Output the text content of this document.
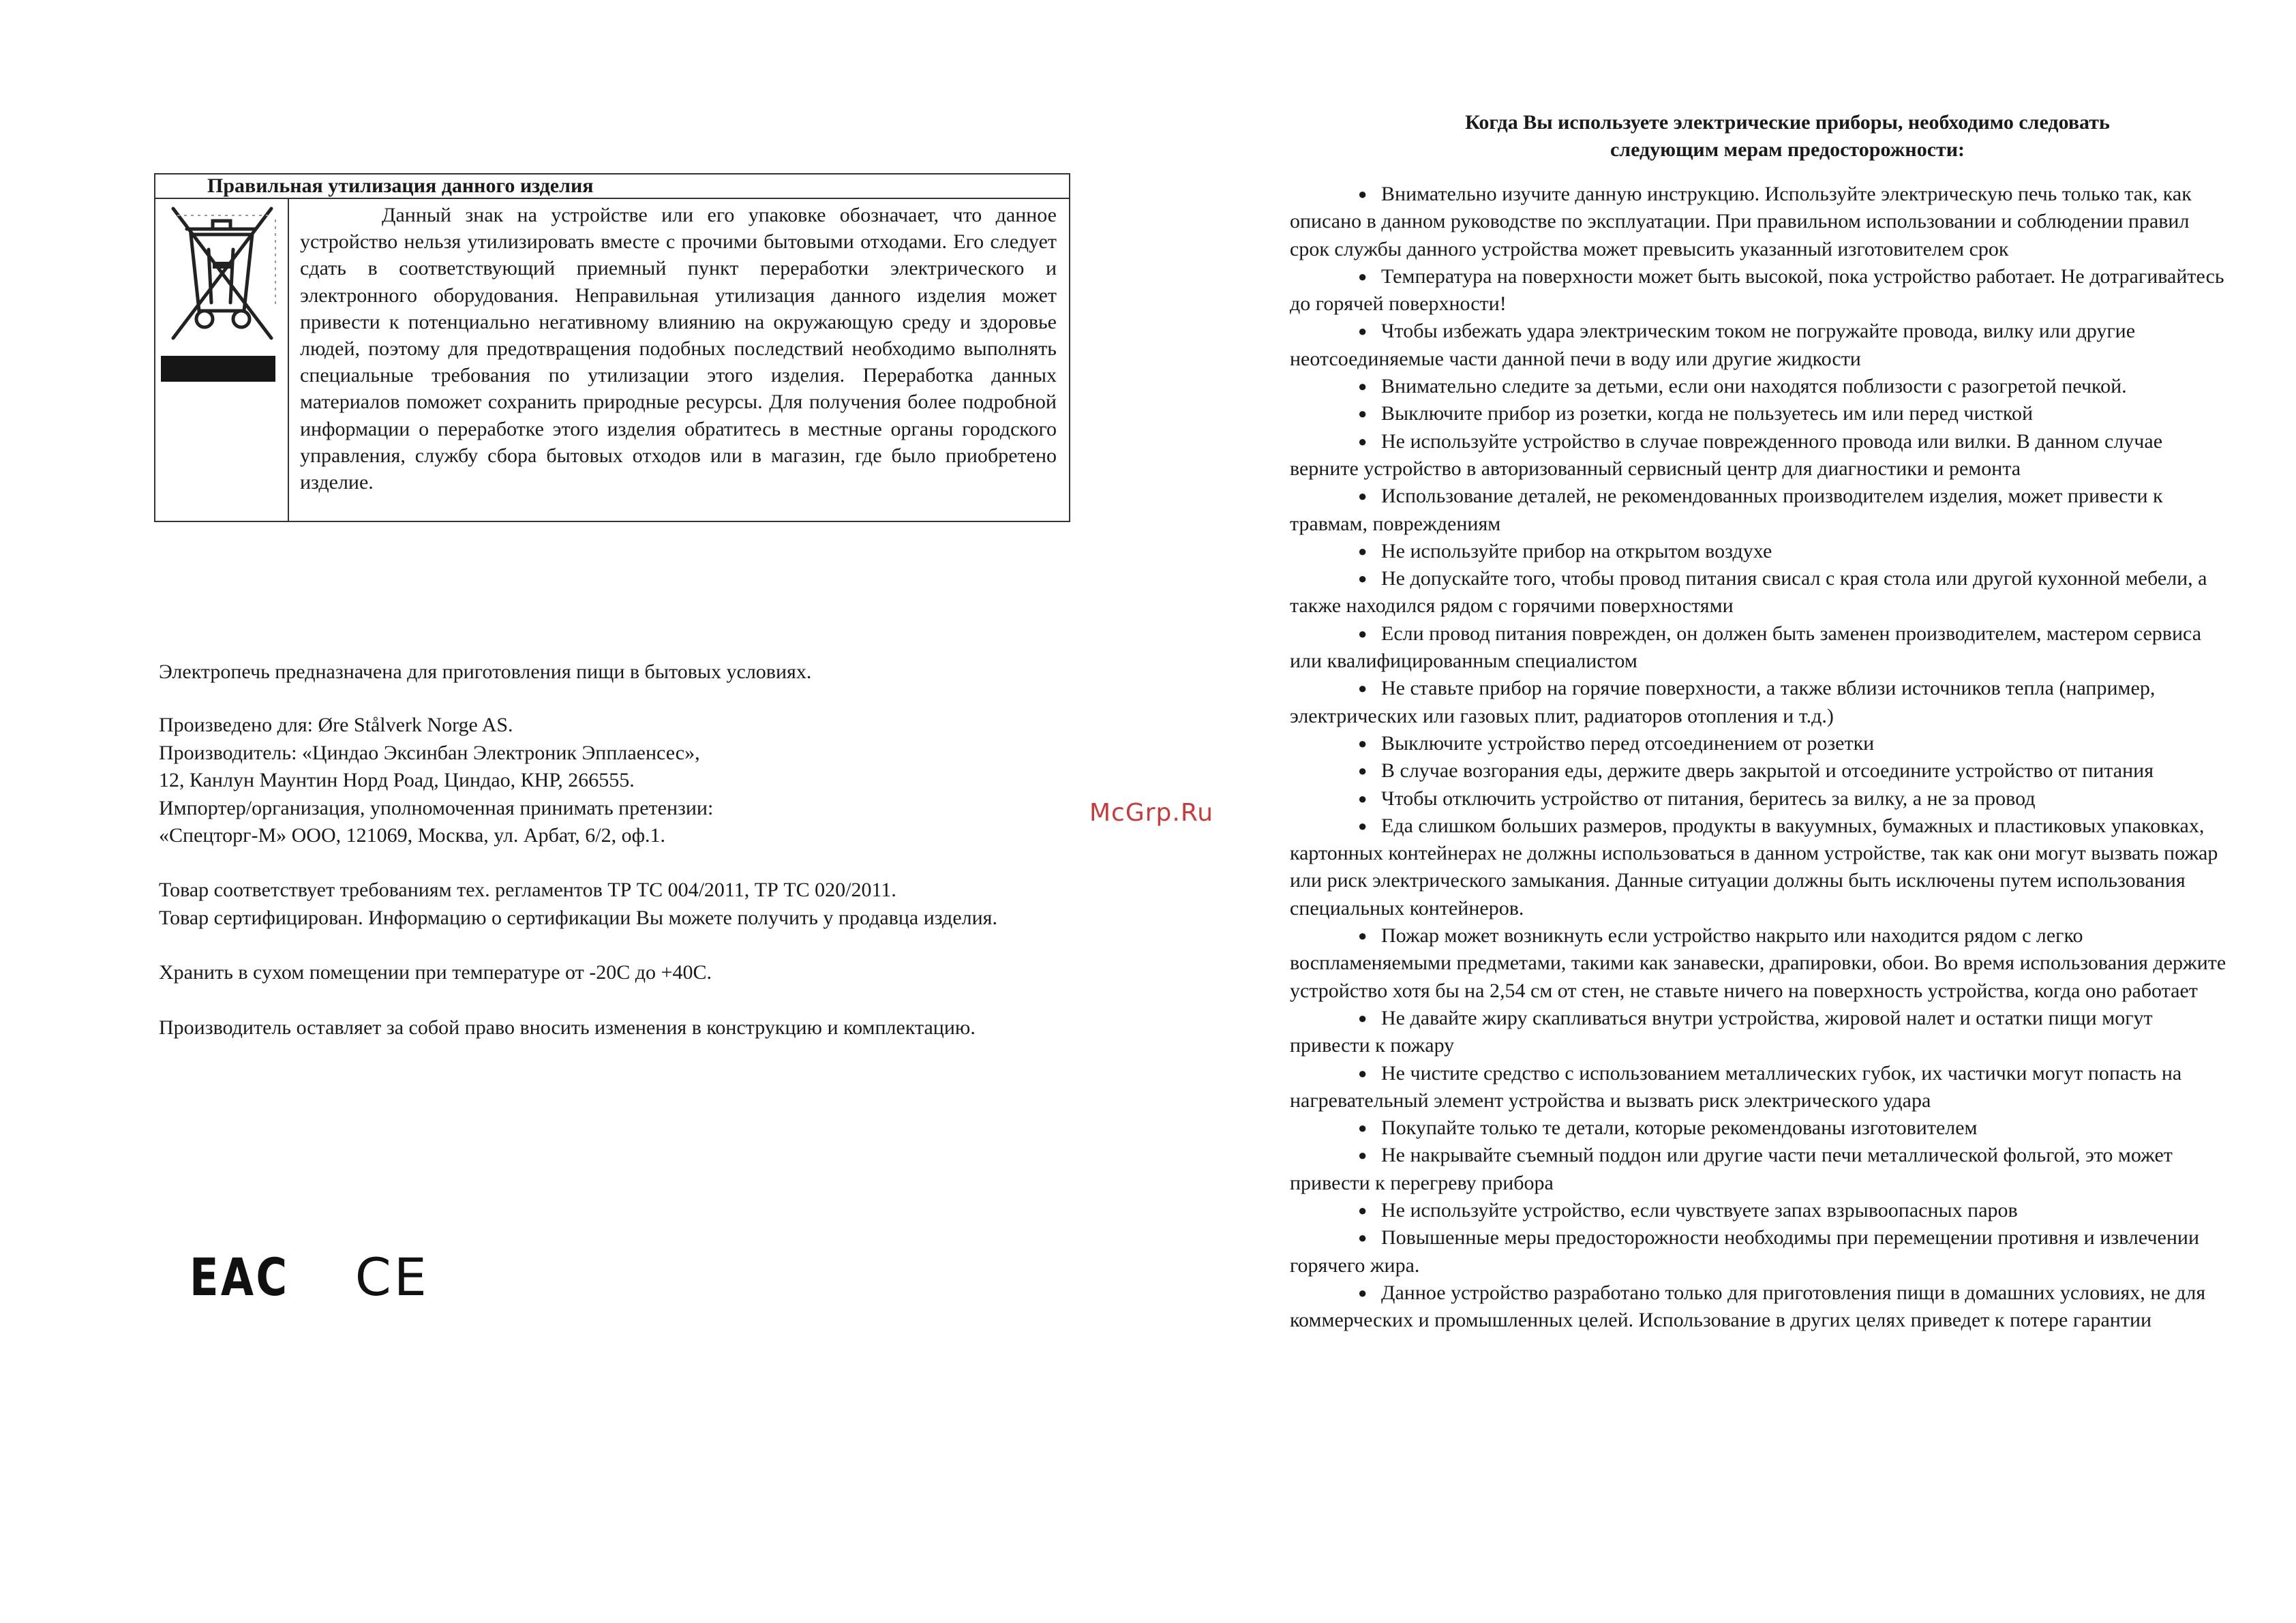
Правильная утилизация данного изделия

Данный знак на устройстве или его упаковке обозначает, что данное устройство нельзя утилизировать вместе с прочими бытовыми отходами. Его следует сдать в соответствующий приемный пункт переработки электрического и электронного оборудования. Неправильная утилизация данного изделия может привести к потенциально негативному влиянию на окружающую среду и здоровье людей, поэтому для предотвращения подобных последствий необходимо выполнять специальные требования по утилизации этого изделия. Переработка данных материалов поможет сохранить природные ресурсы. Для получения более подробной информации о переработке этого изделия обратитесь в местные органы городского управления, службу сбора бытовых отходов или в магазин, где было приобретено изделие.

Электропечь предназначена для приготовления пищи в бытовых условиях.

Произведено для: Øre Stålverk Norge AS.

Производитель: «Циндао Эксинбан Электроник Эпплаенсес»,

12, Канлун Маунтин Норд Роад, Циндао, КНР, 266555.

Импортер/организация, уполномоченная принимать претензии:

«Спецторг-М» ООО, 121069, Москва, ул. Арбат, 6/2, оф.1.

Товар соответствует требованиям тех. регламентов ТР ТС 004/2011, ТР ТС 020/2011.

Товар сертифицирован. Информацию о сертификации Вы можете получить у продавца изделия.

Хранить в сухом помещении при температуре от -20С до +40С.

Производитель оставляет за собой право вносить изменения в конструкцию и комплектацию.

EAC CE
McGrp.Ru
Когда Вы используете электрические приборы, необходимо следовать
следующим мерам предосторожности:

● Внимательно изучите данную инструкцию. Используйте электрическую печь только так, как описано в данном руководстве по эксплуатации. При правильном использовании и соблюдении правил срок службы данного устройства может превысить указанный изготовителем срок

● Температура на поверхности может быть высокой, пока устройство работает. Не дотрагивайтесь до горячей поверхности!

● Чтобы избежать удара электрическим током не погружайте провода, вилку или другие неотсоединяемые части данной печи в воду или другие жидкости

● Внимательно следите за детьми, если они находятся поблизости с разогретой печкой.

● Выключите прибор из розетки, когда не пользуетесь им или перед чисткой

● Не используйте устройство в случае поврежденного провода или вилки. В данном случае верните устройство в авторизованный сервисный центр для диагностики и ремонта

● Использование деталей, не рекомендованных производителем изделия, может привести к травмам, повреждениям

● Не используйте прибор на открытом воздухе

● Не допускайте того, чтобы провод питания свисал с края стола или другой кухонной мебели, а также находился рядом с горячими поверхностями

● Если провод питания поврежден, он должен быть заменен производителем, мастером сервиса или квалифицированным специалистом

● Не ставьте прибор на горячие поверхности, а также вблизи источников тепла (например, электрических или газовых плит, радиаторов отопления и т.д.)

● Выключите устройство перед отсоединением от розетки

● В случае возгорания еды, держите дверь закрытой и отсоедините устройство от питания

● Чтобы отключить устройство от питания, беритесь за вилку, а не за провод

● Еда слишком больших размеров, продукты в вакуумных, бумажных и пластиковых упаковках, картонных контейнерах не должны использоваться в данном устройстве, так как они могут вызвать пожар или риск электрического замыкания. Данные ситуации должны быть исключены путем использования специальных контейнеров.

● Пожар может возникнуть если устройство накрыто или находится рядом с легко воспламеняемыми предметами, такими как занавески, драпировки, обои. Во время использования держите устройство хотя бы на 2,54 см от стен, не ставьте ничего на поверхность устройства, когда оно работает

● Не давайте жиру скапливаться внутри устройства, жировой налет и остатки пищи могут привести к пожару

● Не чистите средство с использованием металлических губок, их частички могут попасть на нагревательный элемент устройства и вызвать риск электрического удара

● Покупайте только те детали, которые рекомендованы изготовителем

● Не накрывайте съемный поддон или другие части печи металлической фольгой, это может привести к перегреву прибора

● Не используйте устройство, если чувствуете запах взрывоопасных паров

● Повышенные меры предосторожности необходимы при перемещении противня и извлечении горячего жира.

● Данное устройство разработано только для приготовления пищи в домашних условиях, не для коммерческих и промышленных целей. Использование в других целях приведет к потере гарантии
